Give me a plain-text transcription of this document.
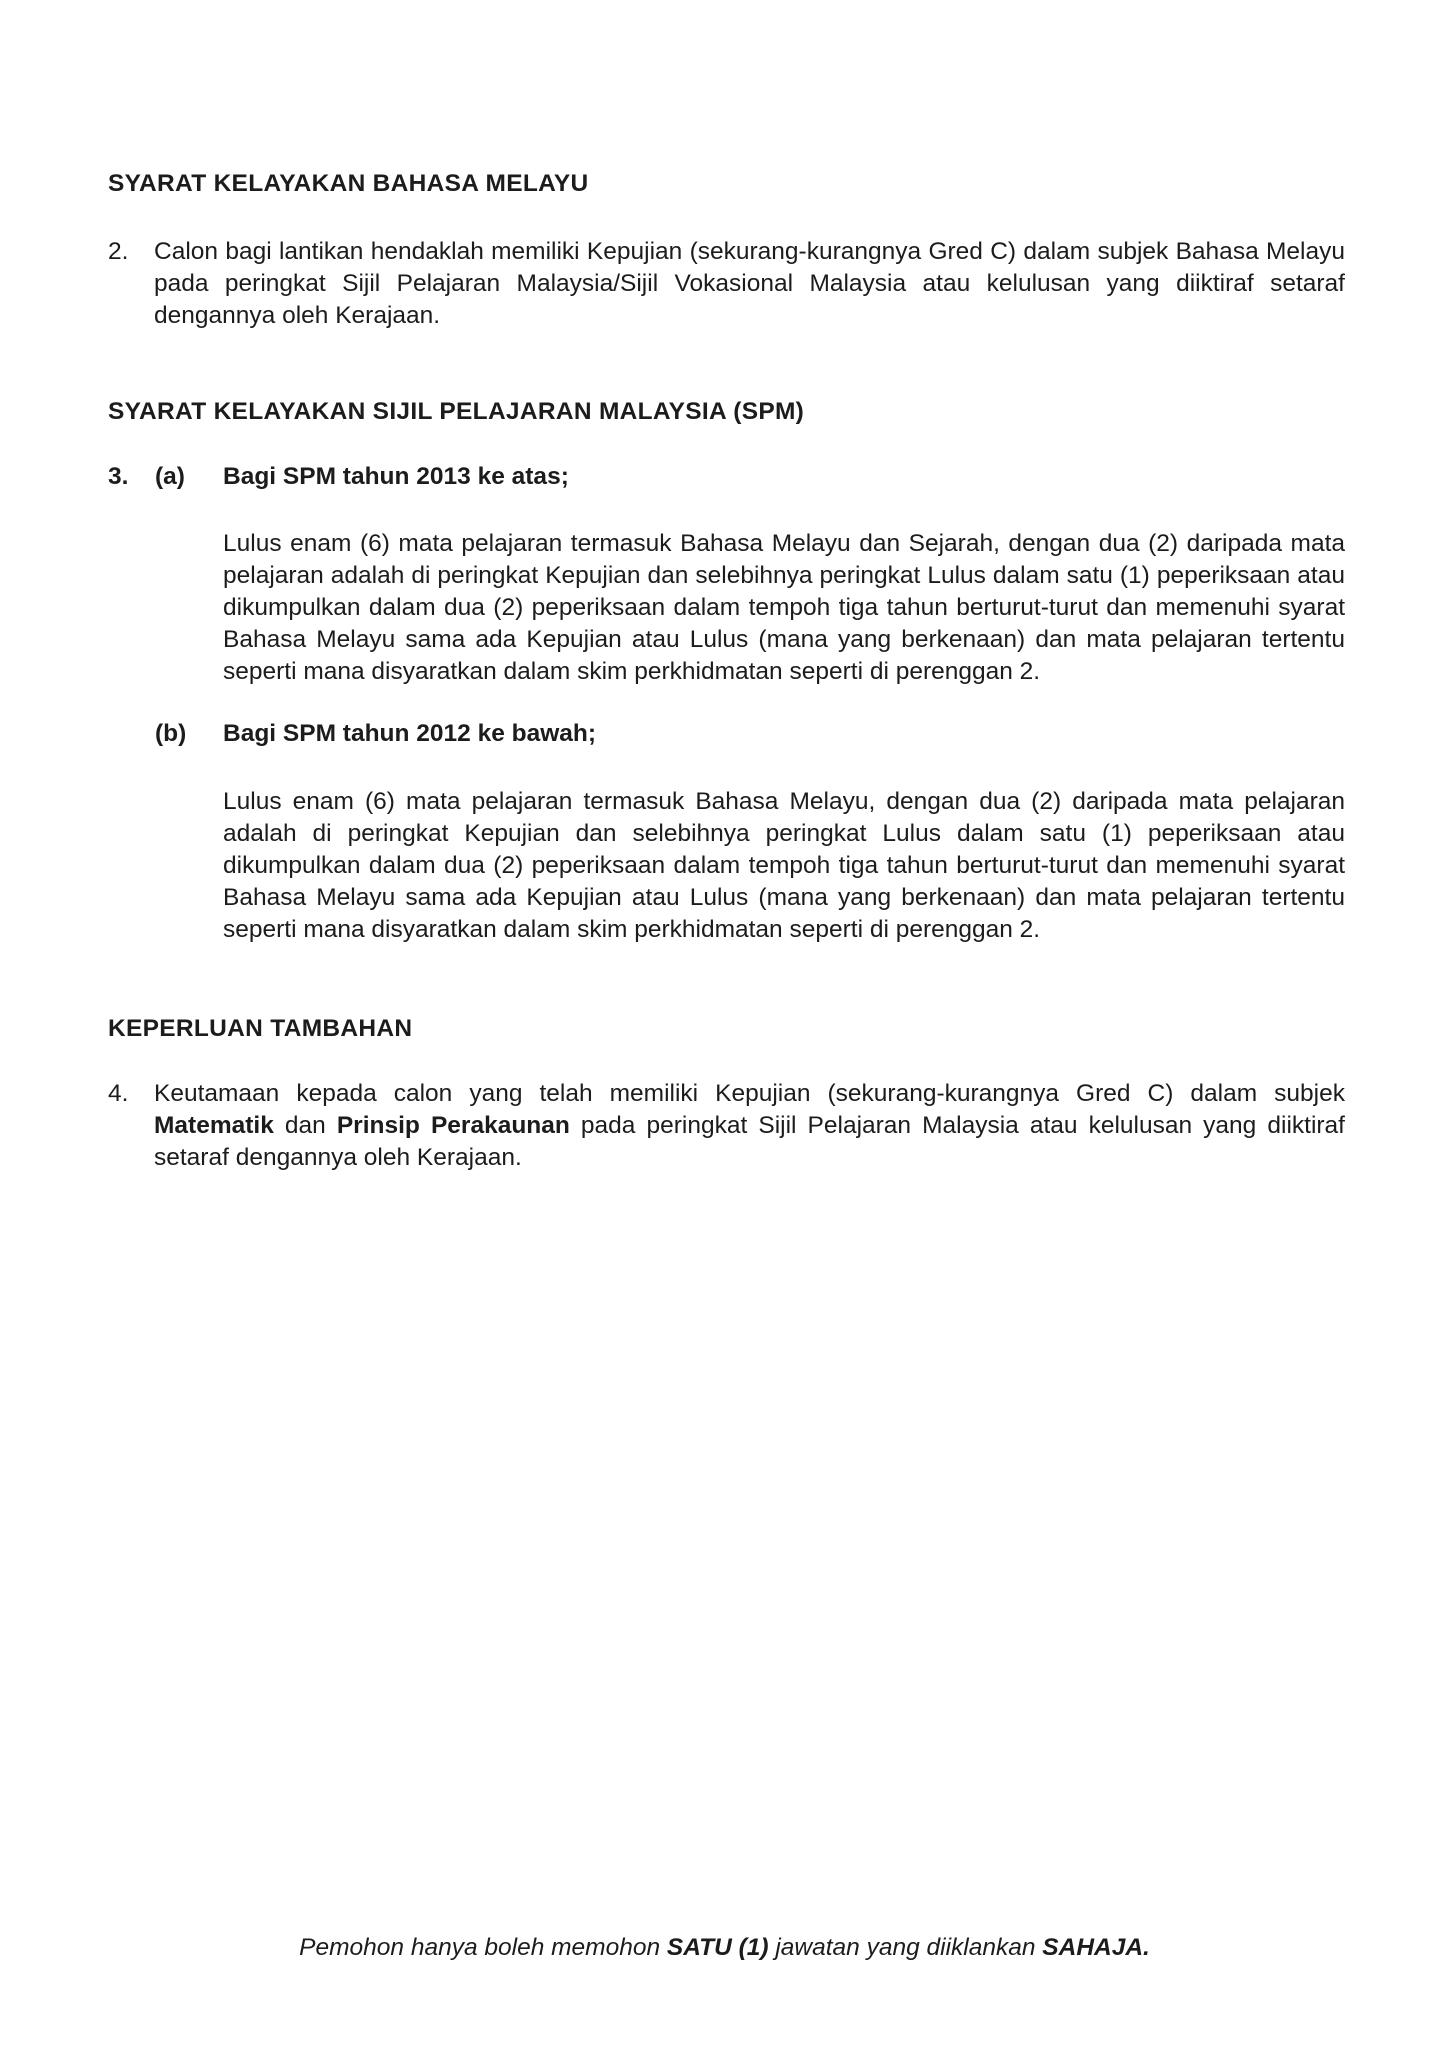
SYARAT KELAYAKAN BAHASA MELAYU
2.	Calon bagi lantikan hendaklah memiliki Kepujian (sekurang-kurangnya Gred C) dalam subjek Bahasa Melayu pada peringkat Sijil Pelajaran Malaysia/Sijil Vokasional Malaysia atau kelulusan yang diiktiraf setaraf dengannya oleh Kerajaan.

SYARAT KELAYAKAN SIJIL PELAJARAN MALAYSIA (SPM)
3.	(a)	Bagi SPM tahun 2013 ke atas;

Lulus enam (6) mata pelajaran termasuk Bahasa Melayu dan Sejarah, dengan dua (2) daripada mata pelajaran adalah di peringkat Kepujian dan selebihnya peringkat Lulus dalam satu (1) peperiksaan atau dikumpulkan dalam dua (2) peperiksaan dalam tempoh tiga tahun berturut-turut dan memenuhi syarat Bahasa Melayu sama ada Kepujian atau Lulus (mana yang berkenaan) dan mata pelajaran tertentu seperti mana disyaratkan dalam skim perkhidmatan seperti di perenggan 2.

(b)	Bagi SPM tahun 2012 ke bawah;

Lulus enam (6) mata pelajaran termasuk Bahasa Melayu, dengan dua (2) daripada mata pelajaran adalah di peringkat Kepujian dan selebihnya peringkat Lulus dalam satu (1) peperiksaan atau dikumpulkan dalam dua (2) peperiksaan dalam tempoh tiga tahun berturut-turut dan memenuhi syarat Bahasa Melayu sama ada Kepujian atau Lulus (mana yang berkenaan) dan mata pelajaran tertentu seperti mana disyaratkan dalam skim perkhidmatan seperti di perenggan 2.

KEPERLUAN TAMBAHAN
4.	Keutamaan kepada calon yang telah memiliki Kepujian (sekurang-kurangnya Gred C) dalam subjek Matematik dan Prinsip Perakaunan pada peringkat Sijil Pelajaran Malaysia atau kelulusan yang diiktiraf setaraf dengannya oleh Kerajaan.

Pemohon hanya boleh memohon SATU (1) jawatan yang diiklankan SAHAJA.
